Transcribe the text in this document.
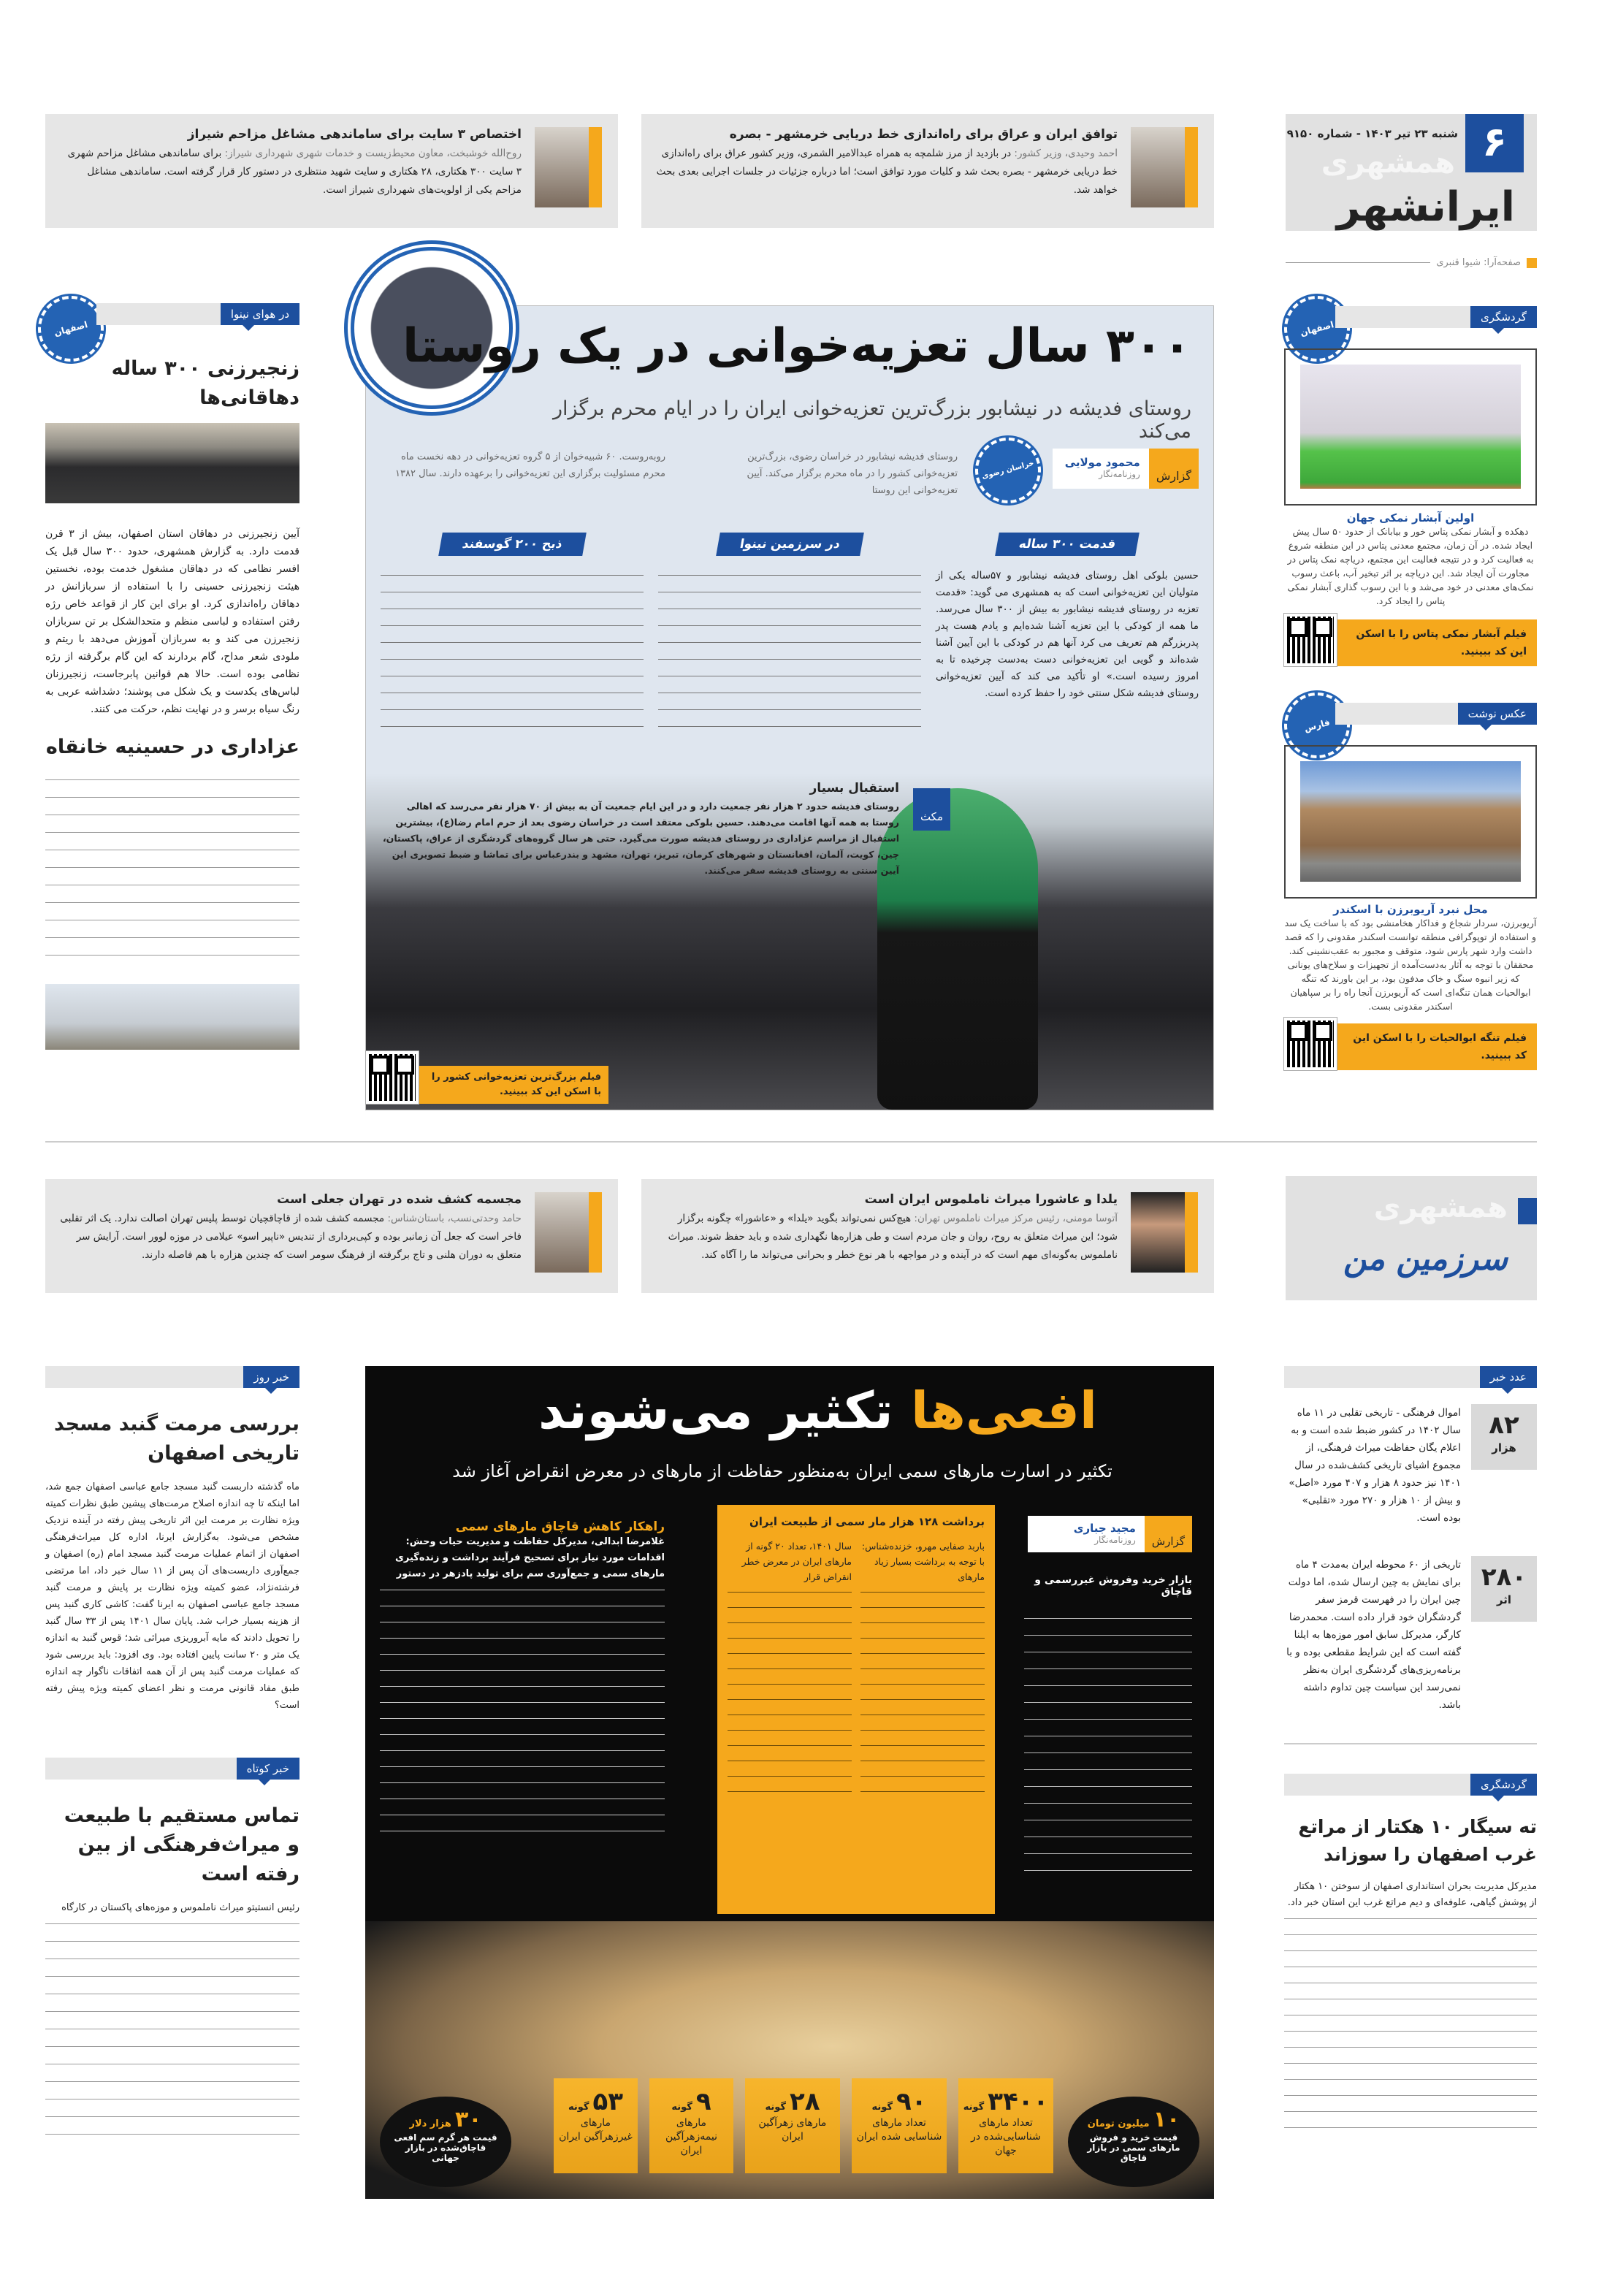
توافق ایران و عراق برای راه‌اندازی خط دریایی خرمشهر - بصره

احمد وحیدی، وزیر کشور: در بازدید از مرز شلمچه به همراه عبدالامیر الشمری، وزیر کشور عراق برای راه‌اندازی خط دریایی خرمشهر - بصره بحث شد و کلیات مورد توافق است؛ اما درباره جزئیات در جلسات اجرایی بعدی بحث خواهد شد.

اختصاص ۳ سایت برای ساماندهی مشاغل مزاحم شیراز

روح‌الله خوشبخت، معاون محیط‌زیست و خدمات شهری شهرداری شیراز: برای ساماندهی مشاغل مزاحم شهری ۳ سایت ۳۰۰ هکتاری، ۲۸ هکتاری و سایت شهید منتظری در دستور کار قرار گرفته است. ساماندهی مشاغل مزاحم یکی از اولویت‌های شهرداری شیراز است.

۶
شنبه ۲۳ تیر ۱۴۰۳ - شماره ۹۱۵۰
همشهری
ایرانشهر
صفحه‌آرا: شیوا قنبری
اصفهان
در هوای نینوا
زنجیرزنی ۳۰۰ ساله دهاقانی‌ها

آیین زنجیرزنی در دهاقان استان اصفهان، بیش از ۳ قرن قدمت دارد. به گزارش همشهری، حدود ۳۰۰ سال قبل یک افسر نظامی که در دهاقان مشغول خدمت بوده، نخستین هیئت زنجیرزنی حسینی را با استفاده از سربازانش در دهاقان راه‌اندازی کرد. او برای این کار از قواعد خاص رژه رفتن استفاده و لباسی منظم و متحدالشکل بر تن سربازان زنجیرزن می کند و به سربازان آموزش می‌دهد با ریتم و ملودی شعر مداح، گام بردارند که این گام برگرفته از رژه نظامی بوده است. حالا هم قوانین پابرجاست، زنجیرزنان لباس‌های یکدست و یک شکل می پوشند؛ دشداشه عربی به رنگ سیاه برسر و در نهایت نظم، حرکت می کنند.

عزاداری در حسینیه خانقاه
۳۰۰ سال تعزیه‌خوانی در یک روستا
روستای فدیشه در نیشابور بزرگ‌ترین تعزیه‌خوانی ایران را در ایام محرم برگزار می‌کند
گزارش
محمود مولایی
روزنامه‌نگار
خراسان رضوی

روستای فدیشه نیشابور در خراسان رضوی، بزرگ‌ترین تعزیه‌خوانی کشور را در ماه محرم برگزار می‌کند. آیین تعزیه‌خوانی این روستا

روبه‌روست. ۶۰ شبیه‌خوان از ۵ گروه تعزیه‌خوانی در دهه نخست ماه محرم مسئولیت برگزاری این تعزیه‌خوانی را برعهده دارند. سال ۱۳۸۲

قدمت ۳۰۰ ساله

حسین بلوکی اهل روستای فدیشه نیشابور و ۵۷ساله یکی از متولیان این تعزیه‌خوانی است که به همشهری می گوید: «قدمت تعزیه در روستای فدیشه نیشابور به بیش از ۳۰۰ سال می‌رسد. ما همه از کودکی با این تعزیه آشنا شده‌ایم و یادم هست پدر پدربزرگم هم تعریف می کرد آنها هم در کودکی با این آیین آشنا شده‌اند و گویی این تعزیه‌خوانی دست به‌دست چرخیده تا به امروز رسیده است.» او تأکید می کند که آیین تعزیه‌خوانی روستای فدیشه شکل سنتی خود را حفظ کرده است.

در سرزمین نینوا
ذبح ۲۰۰ گوسفند
مکث
استقبال بسیار

روستای فدیشه حدود ۲ هزار نفر جمعیت دارد و در این ایام جمعیت آن به بیش از ۷۰ هزار نفر می‌رسد که اهالی روستا به همه آنها اقامت می‌دهند. حسین بلوکی معتقد است در خراسان رضوی بعد از حرم امام رضا(ع)، بیشترین استقبال از مراسم عزاداری در روستای فدیشه صورت می‌گیرد. حتی هر سال گروه‌های گردشگری از عراق، پاکستان، چین، کویت، آلمان، افغانستان و شهرهای کرمان، تبریز، تهران، مشهد و بندرعباس برای تماشا و ضبط تصویری این آیین سنتی به روستای فدیشه سفر می‌کنند.

فیلم بزرگ‌ترین تعزیه‌خوانی کشور را با اسکن این کد ببینید.
اصفهان
گردشگری
اولین آبشار نمکی جهان

دهکده و آبشار نمکی پتاس خور و بیابانک از حدود ۵۰ سال پیش ایجاد شده. در آن زمان، مجتمع معدنی پتاس در این منطقه شروع به فعالیت کرد و در نتیجه فعالیت این مجتمع، دریاچه نمک پتاس در مجاورت آن ایجاد شد. این دریاچه بر اثر تبخیر آب، باعث رسوب نمک‌های معدنی در خود می‌شد و با این رسوب گذاری آبشار نمکی پتاس را ایجاد کرد.

فیلم آبشار نمکی پتاس را با اسکن این کد ببینید.
فارس
عکس نوشت
محل نبرد آریوبرزن با اسکندر

آریوبرزن، سردار شجاع و فداکار هخامنشی بود که با ساخت یک سد و استفاده از توپوگرافی منطقه توانست اسکندر مقدونی را که قصد داشت وارد شهر پارس شود، متوقف و مجبور به عقب‌نشینی کند. محققان با توجه به آثار به‌دست‌آمده از تجهیزات و سلاح‌های یونانی که زیر انبوه سنگ و خاک مدفون بود، بر این باورند که تنگه ابوالحیات همان تنگه‌ای است که آریوبرزن آنجا راه را بر سپاهیان اسکندر مقدونی بست.

فیلم تنگه ابوالحیات را با اسکن این کد ببینید.
یلدا و عاشورا میراث ناملموس ایران است

آتوسا مومنی، رئیس مرکز میراث ناملموس تهران: هیچ‌کس نمی‌تواند بگوید «یلدا» و «عاشورا» چگونه برگزار شود؛ این میراث متعلق به روح، روان و جان مردم است و طی هزاره‌ها نگهداری شده و باید حفظ شوند. میراث ناملموس به‌گونه‌ای مهم است که در آینده و در مواجهه با هر نوع خطر و بحرانی می‌تواند ما را آگاه کند.

مجسمه کشف شده در تهران جعلی است

حامد وحدتی‌نسب، باستان‌شناس: مجسمه کشف شده از قاچاقچیان توسط پلیس تهران اصالت ندارد. یک اثر تقلبی فاخر است که جعل آن زمانبر بوده و کپی‌برداری از تندیس «ناپیر اسو» عیلامی در موزه لوور است. آرایش سر متعلق به دوران هلنی و تاج برگرفته از فرهنگ سومر است که چندین هزاره با هم فاصله دارند.

همشهری
سرزمین من
خبر روز
بررسی مرمت گنبد مسجد تاریخی اصفهان

ماه گذشته داربست گنبد مسجد جامع عباسی اصفهان جمع شد، اما اینکه تا چه اندازه اصلاح مرمت‌های پیشین طبق نظرات کمیته ویژه نظارت بر مرمت این اثر تاریخی پیش رفته در آینده نزدیک مشخص می‌شود. به‌گزارش ایرنا، اداره کل میراث‌فرهنگی اصفهان از اتمام عملیات مرمت گنبد مسجد امام (ره) اصفهان و جمع‌آوری داربست‌های آن پس از ۱۱ سال خبر داد، اما مرتضی فرشته‌نژاد، عضو کمیته ویژه نظارت بر پایش و مرمت گنبد مسجد جامع عباسی اصفهان به ایرنا گفت: کاشی کاری گنبد پس از هزینه بسیار خراب شد. پایان سال ۱۴۰۱ پس از ۳۳ سال گنبد را تحویل دادند که مایه آبروریزی میراثی شد؛ قوس گنبد به اندازه یک متر و ۲۰ سانت پایین افتاده بود. وی افزود: باید بررسی شود که عملیات مرمت گنبد پس از آن همه اتفاقات ناگوار چه اندازه طبق مفاد قانونی مرمت و نظر اعضای کمیته ویژه پیش رفته است؟

خبر کوتاه
تماس مستقیم با طبیعت و میراث‌فرهنگی از بین رفته است

رئیس انستیتو میراث ناملموس و موزه‌های پاکستان در کارگاه

افعی‌ها تکثیر می‌شوند
تکثیر در اسارت مارهای سمی ایران به‌منظور حفاظت از مارهای در معرض انقراض آغاز شد
گزارش
مجید جباری
روزنامه‌نگار
بازار خرید وفروش غیررسمی و قاچاق
برداشت ۱۲۸ هزار مار سمی از طبیعت ایران

باربد صفایی مهرو، خزنده‌شناس: با توجه به برداشت بسیار زیاد مارهای

سال ۱۴۰۱، تعداد ۲۰ گونه از مارهای ایران در معرض خطر انقراض قرار

راهکار کاهش قاچاق مارهای سمی

غلامرضا ابدالی، مدیرکل حفاظت و مدیریت حیات وحش: اقدامات مورد نیاز برای تصحیح فرآیند برداشت و زنده‌گیری مارهای سمی و جمع‌آوری سم برای تولید پادزهر در دستور

۱۰ میلیون تومان
قیمت خرید و فروش مارهای سمی در بازار قاچاق
۳۰ هزار دلار
قیمت هر گرم سم افعی قاچاق‌شده در بازار جهانی
۳۴۰۰ گونه
تعداد مارهای شناسایی‌شده در جهان
۹۰ گونه
تعداد مارهای شناسایی شده ایران
۲۸ گونه
مارهای زهرآگین ایران
۹ گونه
مارهای نیمه‌زهرآگین ایران
۵۳ گونه
مارهای غیرزهرآگین ایران
عدد خبر
۸۲
هزار

اموال فرهنگی - تاریخی تقلبی در ۱۱ ماه سال ۱۴۰۲ در کشور ضبط شده است و به اعلام یگان حفاظت میراث فرهنگی، از مجموع اشیای تاریخی کشف‌شده در سال ۱۴۰۱ نیز حدود ۸ هزار و ۴۰۷ مورد «اصل» و بیش از ۱۰ هزار و ۲۷۰ مورد «تقلبی» بوده است.

۲۸۰
اثر

تاریخی از ۶۰ محوطه ایران به‌مدت ۴ ماه برای نمایش به چین ارسال شده، اما دولت چین ایران را در فهرست قرمز سفر گردشگران خود قرار داده است. محمدرضا کارگر، مدیرکل سابق امور موزه‌ها به ایلنا گفته است که این شرایط مقطعی بوده و با برنامه‌ریزی‌های گردشگری ایران به‌نظر نمی‌رسد این سیاست چین تداوم داشته باشد.

گردشگری
ته سیگار ۱۰ هکتار از مراتع غرب اصفهان را سوزاند

مدیرکل مدیریت بحران استانداری اصفهان از سوختن ۱۰ هکتار از پوشش گیاهی، علوفه‌ای و دیم مراتع غرب این استان خبر داد.
